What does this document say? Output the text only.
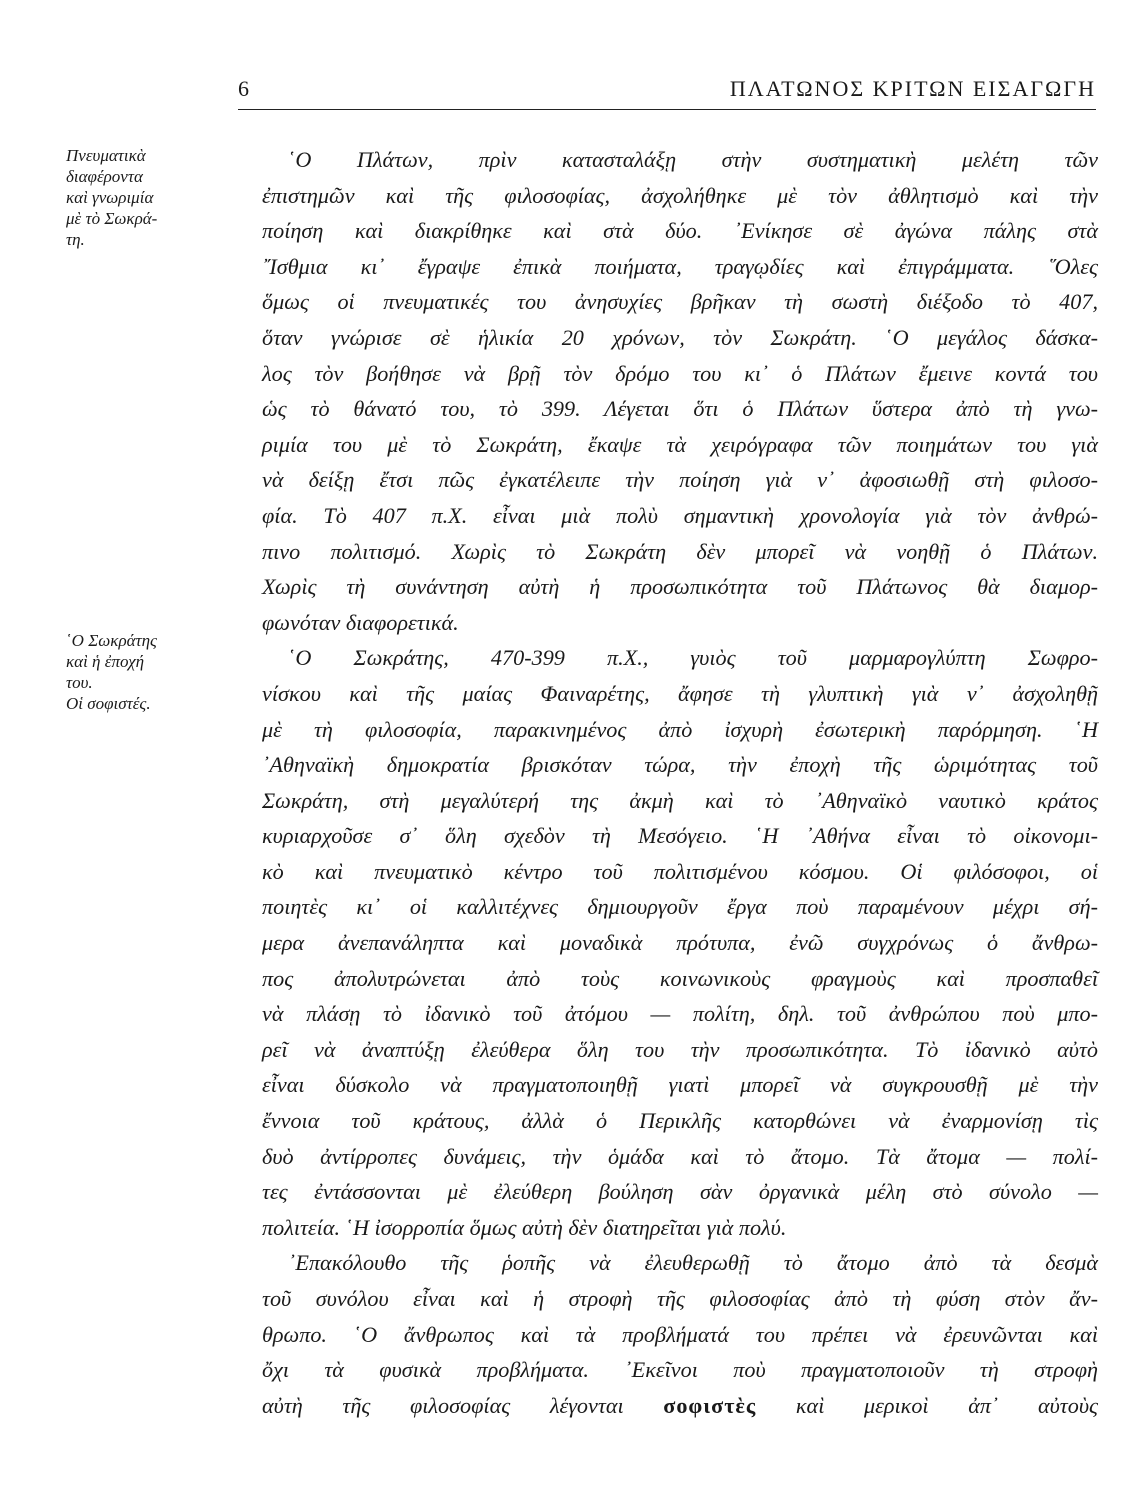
6	ΠΛΑΤΩΝΟΣ ΚΡΙΤΩΝ ΕΙΣΑΓΩΓΗ
Πνευματικὰ
διαφέροντα
καὶ γνωριμία
μὲ τὸ Σωκρά-
τη.
῾Ο Σωκράτης
καὶ ἡ ἐποχή
του.
Οἱ σοφιστές.
῾Ο Πλάτων, πρὶν κατασταλάξῃ στὴν συστηματικὴ μελέτη τῶν
ἐπιστημῶν καὶ τῆς φιλοσοφίας, ἀσχολήθηκε μὲ τὸν ἀθλητισμὸ καὶ τὴν
ποίηση καὶ διακρίθηκε καὶ στὰ δύο. ᾿Ενίκησε σὲ ἀγώνα πάλης στὰ
῎Ισθμια κι᾿ ἔγραψε ἐπικὰ ποιήματα, τραγῳδίες καὶ ἐπιγράμματα. ῞Ολες
ὅμως οἱ πνευματικές του ἀνησυχίες βρῆκαν τὴ σωστὴ διέξοδο τὸ 407,
ὅταν γνώρισε σὲ ἡλικία 20 χρόνων, τὸν Σωκράτη. ῾Ο μεγάλος δάσκα-
λος τὸν βοήθησε νὰ βρῇ τὸν δρόμο του κι᾿ ὁ Πλάτων ἔμεινε κοντά του
ὡς τὸ θάνατό του, τὸ 399. Λέγεται ὅτι ὁ Πλάτων ὕστερα ἀπὸ τὴ γνω-
ριμία του μὲ τὸ Σωκράτη, ἔκαψε τὰ χειρόγραφα τῶν ποιημάτων του γιὰ
νὰ δείξῃ ἔτσι πῶς ἐγκατέλειπε τὴν ποίηση γιὰ ν᾿ ἀφοσιωθῇ στὴ φιλοσο-
φία. Τὸ 407 π.Χ. εἶναι μιὰ πολὺ σημαντικὴ χρονολογία γιὰ τὸν ἀνθρώ-
πινο πολιτισμό. Χωρὶς τὸ Σωκράτη δὲν μπορεῖ νὰ νοηθῇ ὁ Πλάτων.
Χωρὶς τὴ συνάντηση αὐτὴ ἡ προσωπικότητα τοῦ Πλάτωνος θὰ διαμορ-
φωνόταν διαφορετικά.
῾Ο Σωκράτης, 470-399 π.Χ., γυιὸς τοῦ μαρμαρογλύπτη Σωφρο-
νίσκου καὶ τῆς μαίας Φαιναρέτης, ἄφησε τὴ γλυπτικὴ γιὰ ν᾿ ἀσχοληθῇ
μὲ τὴ φιλοσοφία, παρακινημένος ἀπὸ ἰσχυρὴ ἐσωτερικὴ παρόρμηση. ῾Η
᾿Αθηναϊκὴ δημοκρατία βρισκόταν τώρα, τὴν ἐποχὴ τῆς ὡριμότητας τοῦ
Σωκράτη, στὴ μεγαλύτερή της ἀκμὴ καὶ τὸ ᾿Αθηναϊκὸ ναυτικὸ κράτος
κυριαρχοῦσε σ᾿ ὅλη σχεδὸν τὴ Μεσόγειο. ῾Η ᾿Αθήνα εἶναι τὸ οἰκονομι-
κὸ καὶ πνευματικὸ κέντρο τοῦ πολιτισμένου κόσμου. Οἱ φιλόσοφοι, οἱ
ποιητὲς κι᾿ οἱ καλλιτέχνες δημιουργοῦν ἔργα ποὺ παραμένουν μέχρι σή-
μερα ἀνεπανάληπτα καὶ μοναδικὰ πρότυπα, ἐνῶ συγχρόνως ὁ ἄνθρω-
πος ἀπολυτρώνεται ἀπὸ τοὺς κοινωνικοὺς φραγμοὺς καὶ προσπαθεῖ
νὰ πλάσῃ τὸ ἰδανικὸ τοῦ ἀτόμου — πολίτη, δηλ. τοῦ ἀνθρώπου ποὺ μπο-
ρεῖ νὰ ἀναπτύξῃ ἐλεύθερα ὅλη του τὴν προσωπικότητα. Τὸ ἰδανικὸ αὐτὸ
εἶναι δύσκολο νὰ πραγματοποιηθῇ γιατὶ μπορεῖ νὰ συγκρουσθῇ μὲ τὴν
ἔννοια τοῦ κράτους, ἀλλὰ ὁ Περικλῆς κατορθώνει νὰ ἐναρμονίσῃ τὶς
δυὸ ἀντίρροπες δυνάμεις, τὴν ὁμάδα καὶ τὸ ἄτομο. Τὰ ἄτομα — πολί-
τες ἐντάσσονται μὲ ἐλεύθερη βούληση σὰν ὀργανικὰ μέλη στὸ σύνολο —
πολιτεία. ῾Η ἰσορροπία ὅμως αὐτὴ δὲν διατηρεῖται γιὰ πολύ.
᾿Επακόλουθο τῆς ῥοπῆς νὰ ἐλευθερωθῇ τὸ ἄτομο ἀπὸ τὰ δεσμὰ
τοῦ συνόλου εἶναι καὶ ἡ στροφὴ τῆς φιλοσοφίας ἀπὸ τὴ φύση στὸν ἄν-
θρωπο. ῾Ο ἄνθρωπος καὶ τὰ προβλήματά του πρέπει νὰ ἐρευνῶνται καὶ
ὄχι τὰ φυσικὰ προβλήματα. ᾿Εκεῖνοι ποὺ πραγματοποιοῦν τὴ στροφὴ
αὐτὴ τῆς φιλοσοφίας λέγονται σοφιστὲς καὶ μερικοὶ ἀπ᾿ αὐτοὺς
